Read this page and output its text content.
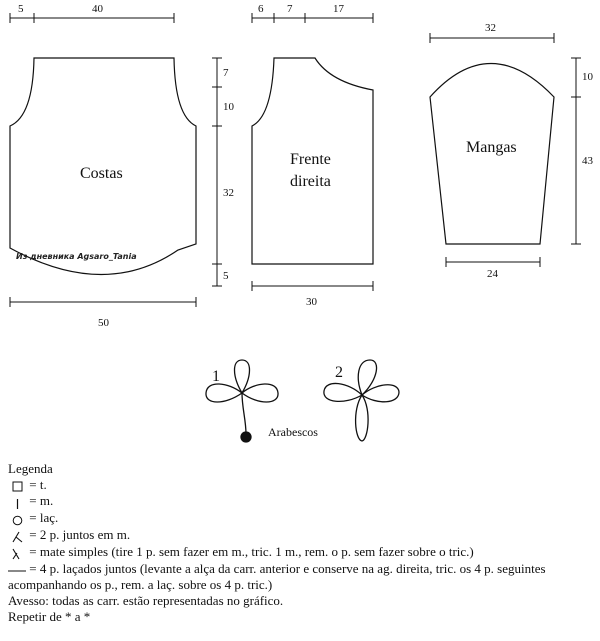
Costas
Из дневника Agsaro_Tania
5	40
50
7
10
32
5
Frente
direita
6 7	17
30
Mangas
32
10
43
24
1	2
Arabescos
Legenda
= t.
= m.
= laç.
= 2 p. juntos em m.
= mate simples (tire 1 p. sem fazer em m., tric. 1 m., rem. o p. sem fazer sobre o tric.)
= 4 p. laçados juntos (levante a alça da carr. anterior e conserve na ag. direita, tric. os 4 p. seguintes acompanhando os p., rem. a laç. sobre os 4 p. tric.)
Avesso: todas as carr. estão representadas no gráfico.
Repetir de * a *
